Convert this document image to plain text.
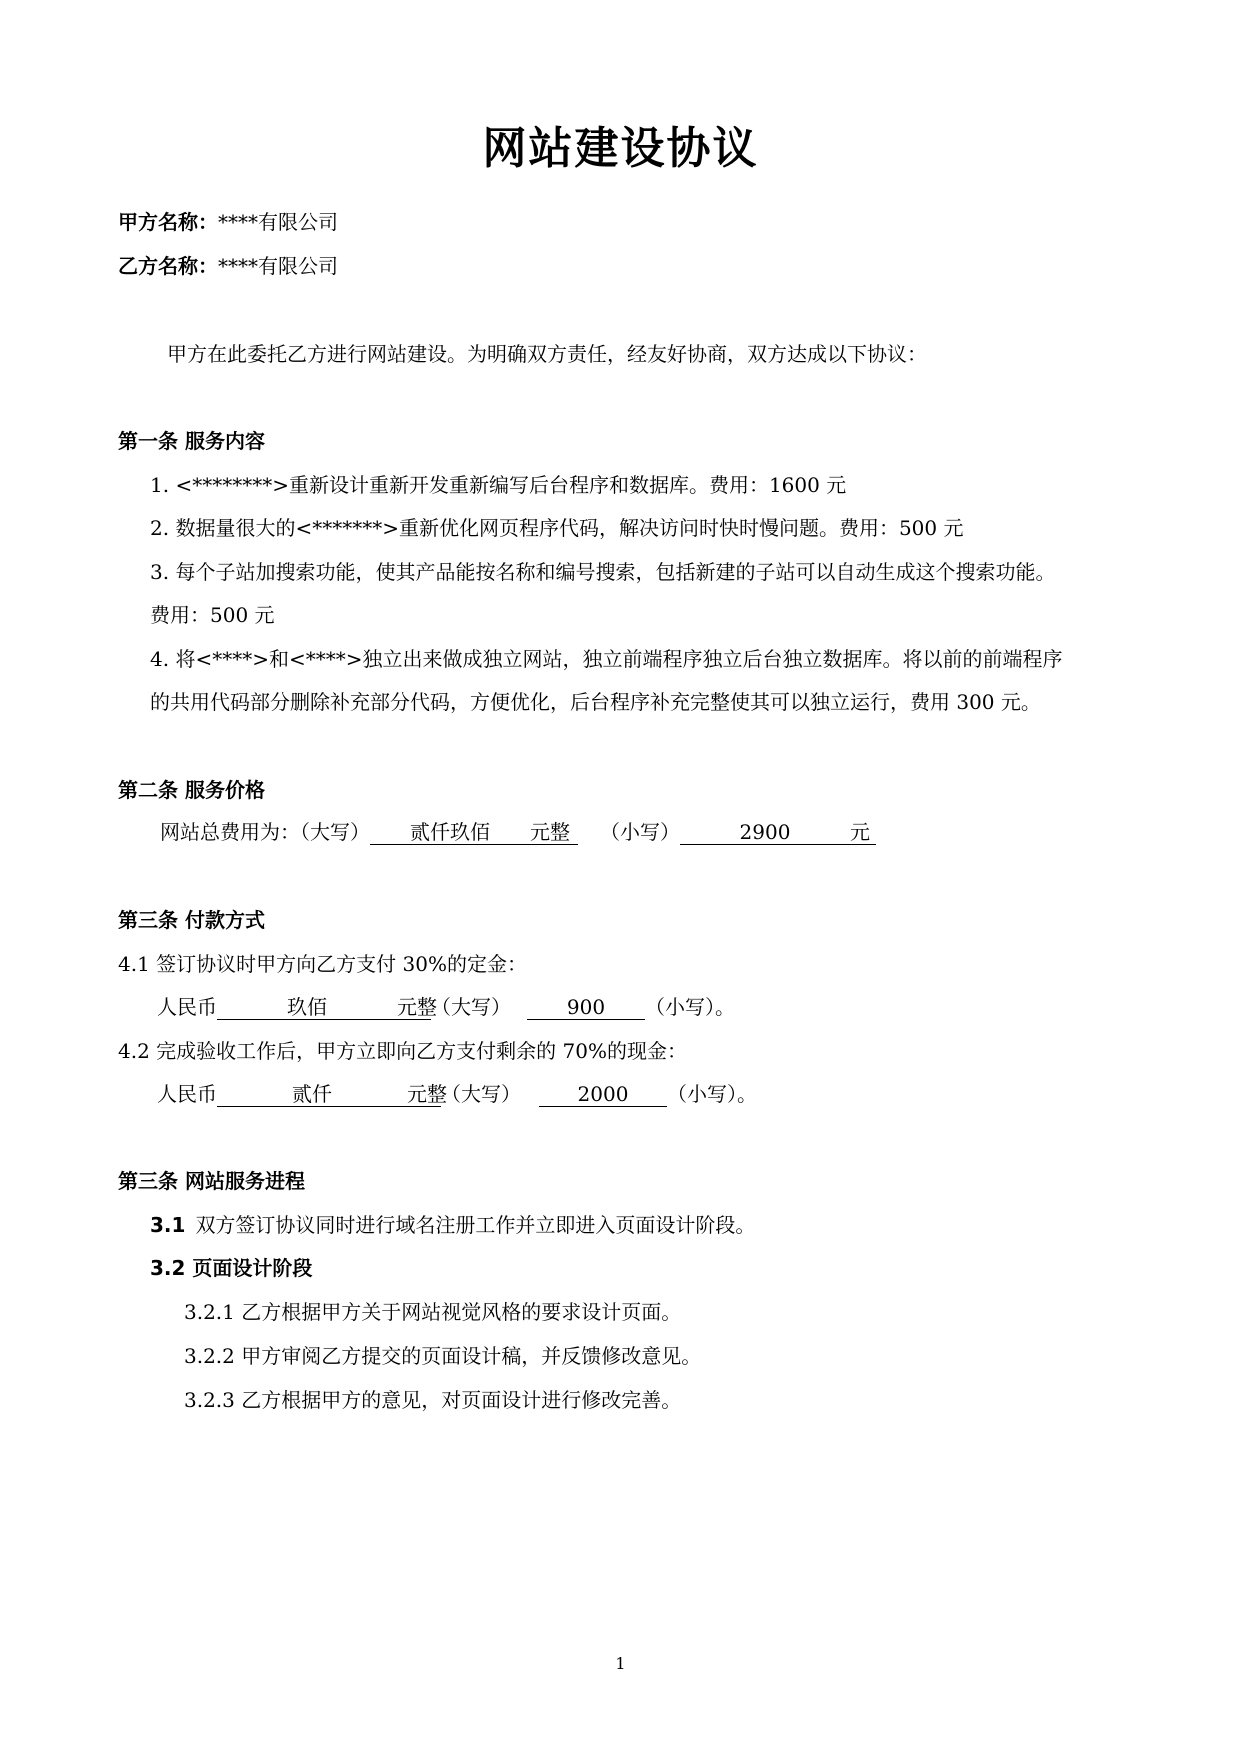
网站建设协议
甲方名称：****有限公司
乙方名称：****有限公司
甲方在此委托乙方进行网站建设。为明确双方责任，经友好协商，双方达成以下协议：
第一条 服务内容
1. <********>重新设计重新开发重新编写后台程序和数据库。费用：1600 元
2. 数据量很大的<*******>重新优化网页程序代码，解决访问时快时慢问题。费用：500 元
3. 每个子站加搜索功能，使其产品能按名称和编号搜索，包括新建的子站可以自动生成这个搜索功能。
费用：500 元
4. 将<****>和<****>独立出来做成独立网站，独立前端程序独立后台独立数据库。将以前的前端程序
的共用代码部分删除补充部分代码，方便优化，后台程序补充完整使其可以独立运行，费用 300 元。
第二条 服务价格
网站总费用为：（大写） 贰仟玖佰 元整 （小写）	2900	元
第三条 付款方式
4.1 签订协议时甲方向乙方支付 30%的定金：
人民币	玖佰	元整（大写）	900 （小写）。
4.2 完成验收工作后，甲方立即向乙方支付剩余的 70%的现金：
人民币	贰仟	元整（大写）	2000 （小写）。
第三条 网站服务进程
3.1 双方签订协议同时进行域名注册工作并立即进入页面设计阶段。
3.2 页面设计阶段
3.2.1 乙方根据甲方关于网站视觉风格的要求设计页面。
3.2.2 甲方审阅乙方提交的页面设计稿，并反馈修改意见。
3.2.3 乙方根据甲方的意见，对页面设计进行修改完善。
1
